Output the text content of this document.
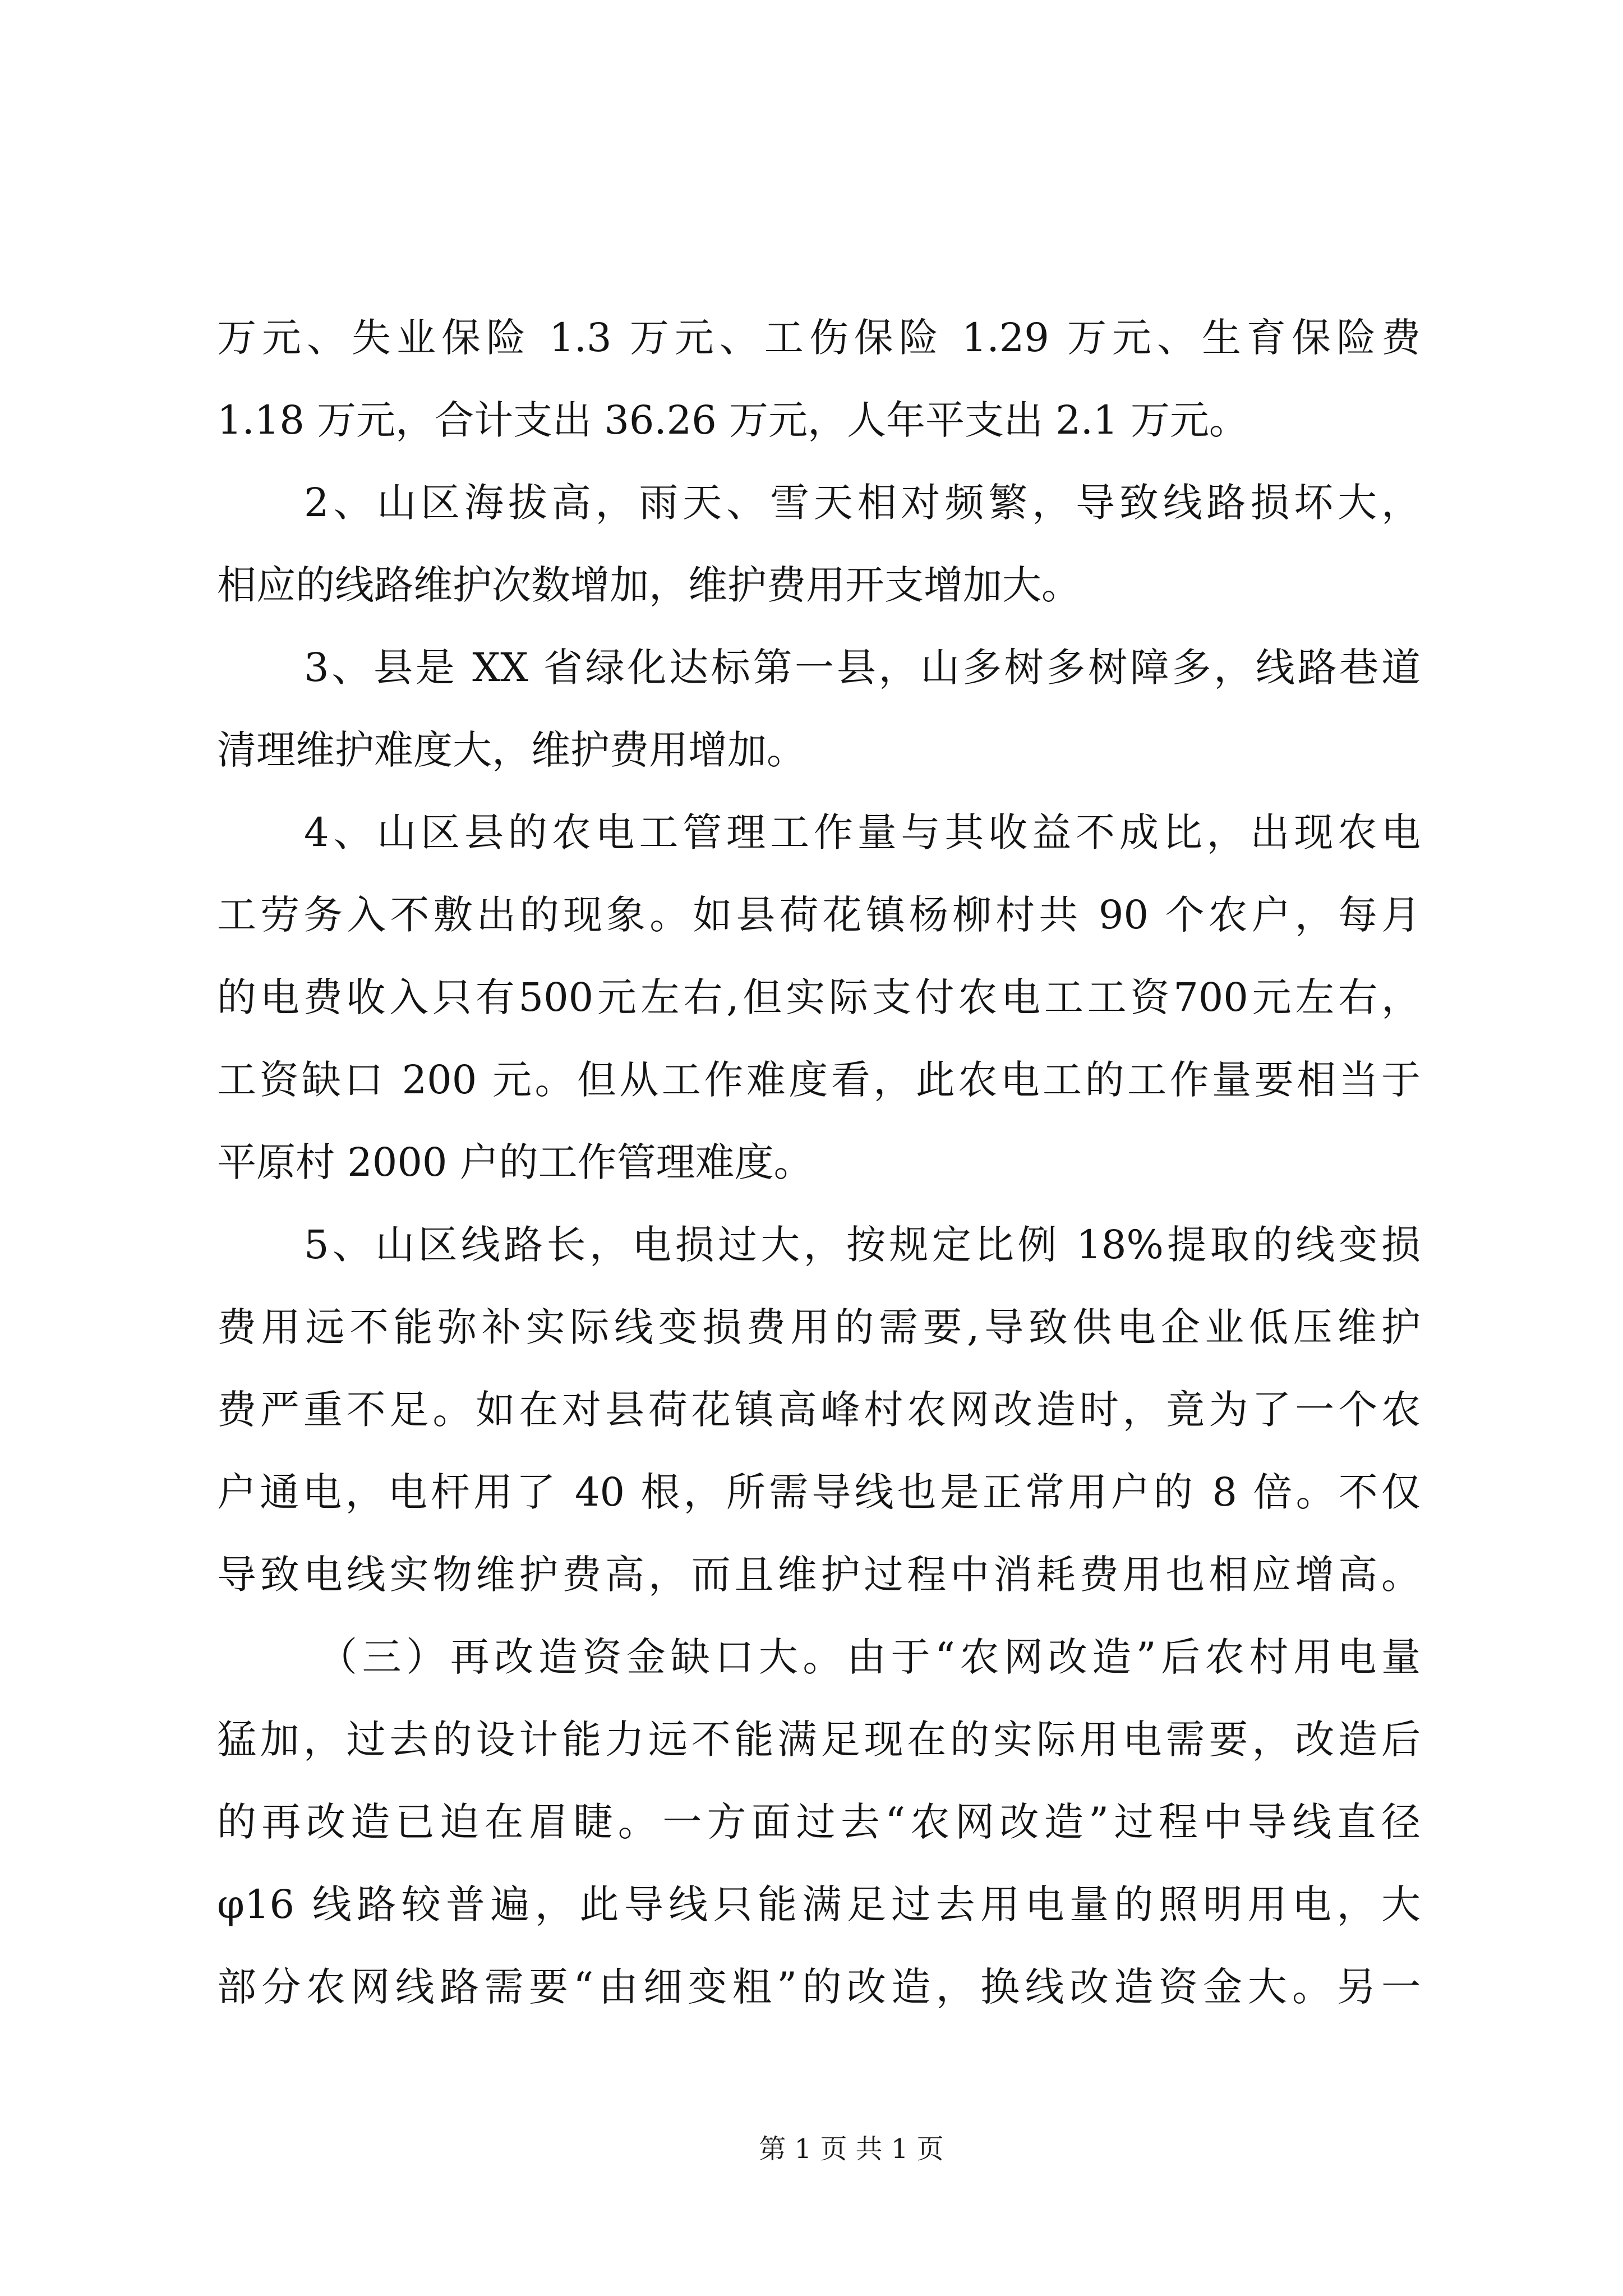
万元、失业保险 1.3 万元、工伤保险 1.29 万元、生育保险费
1.18 万元，合计支出 36.26 万元，人年平支出 2.1 万元。
2、山区海拔高，雨天、雪天相对频繁，导致线路损坏大，
相应的线路维护次数增加，维护费用开支增加大。
3、县是 XX 省绿化达标第一县，山多树多树障多，线路巷道
清理维护难度大，维护费用增加。
4、山区县的农电工管理工作量与其收益不成比，出现农电
工劳务入不敷出的现象。如县荷花镇杨柳村共 90 个农户，每月
的电费收入只有500元左右,但实际支付农电工工资700元左右，
工资缺口 200 元。但从工作难度看，此农电工的工作量要相当于
平原村 2000 户的工作管理难度。
5、山区线路长，电损过大，按规定比例 18%提取的线变损
费用远不能弥补实际线变损费用的需要,导致供电企业低压维护
费严重不足。如在对县荷花镇高峰村农网改造时，竟为了一个农
户通电，电杆用了 40 根，所需导线也是正常用户的 8 倍。不仅
导致电线实物维护费高，而且维护过程中消耗费用也相应增高。
（三）再改造资金缺口大。由于“农网改造”后农村用电量
猛加，过去的设计能力远不能满足现在的实际用电需要，改造后
的再改造已迫在眉睫。一方面过去“农网改造”过程中导线直径
φ16 线路较普遍，此导线只能满足过去用电量的照明用电，大
部分农网线路需要“由细变粗”的改造，换线改造资金大。另一
第 1 页 共 1 页
